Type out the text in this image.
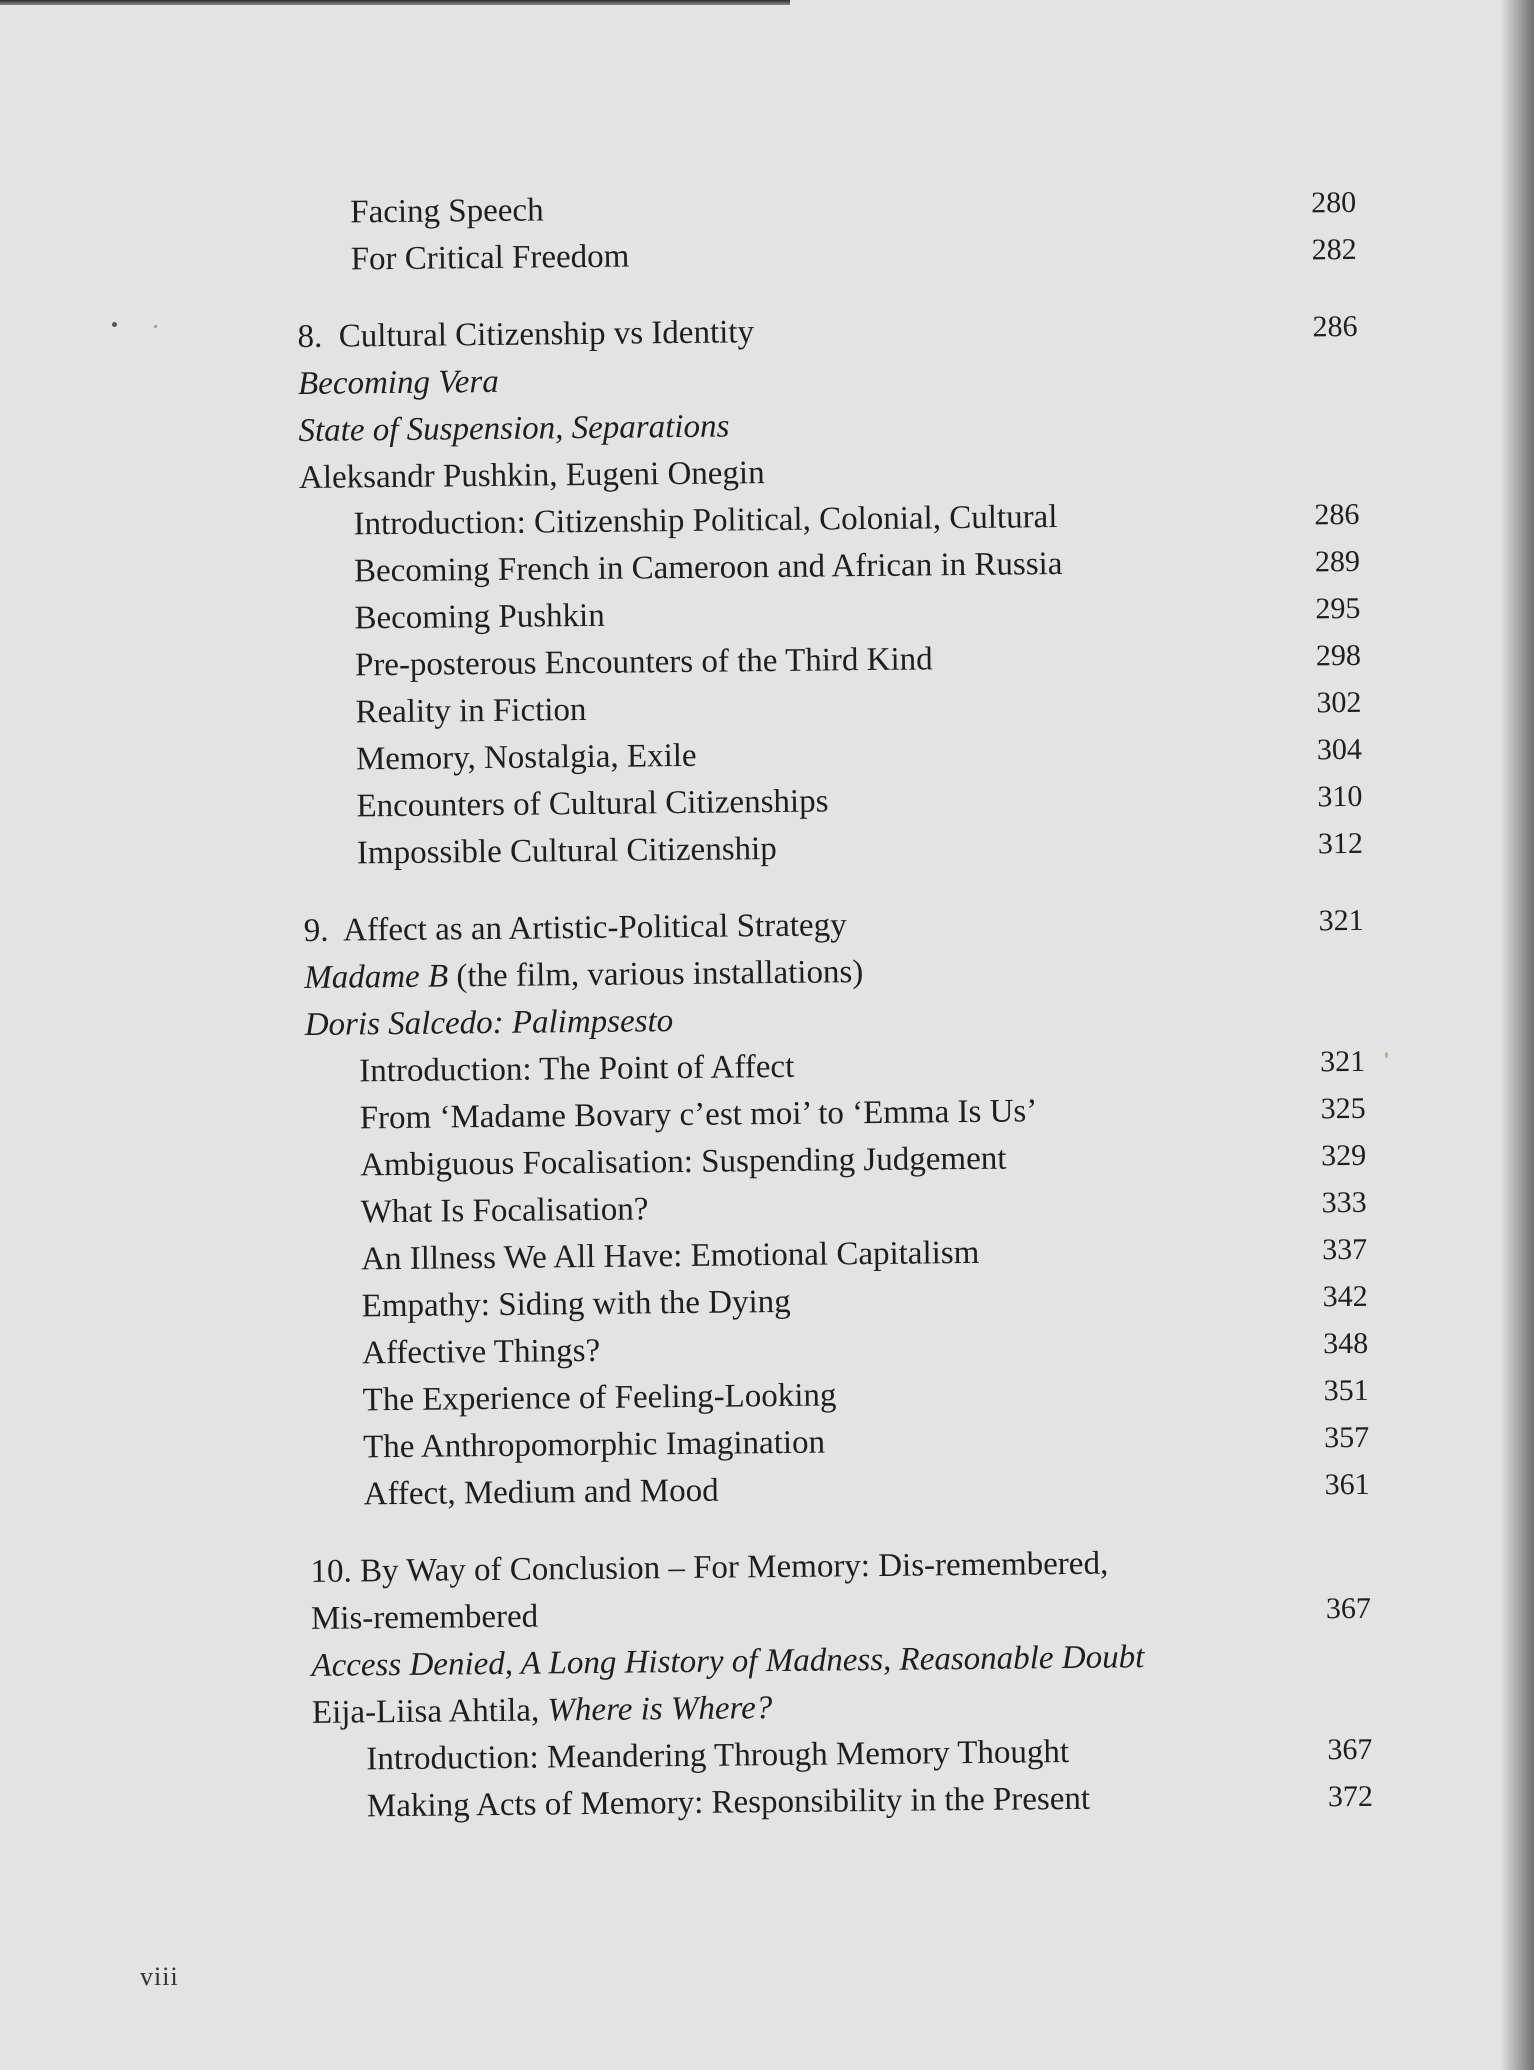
Facing Speech	280
For Critical Freedom	282
8.  Cultural Citizenship vs Identity	286
Becoming Vera
State of Suspension, Separations
Aleksandr Pushkin, Eugeni Onegin
Introduction: Citizenship Political, Colonial, Cultural	286
Becoming French in Cameroon and African in Russia	289
Becoming Pushkin	295
Pre-posterous Encounters of the Third Kind	298
Reality in Fiction	302
Memory, Nostalgia, Exile	304
Encounters of Cultural Citizenships	310
Impossible Cultural Citizenship	312
9.  Affect as an Artistic-Political Strategy	321
Madame B (the film, various installations)
Doris Salcedo: Palimpsesto
Introduction: The Point of Affect	321
From ‘Madame Bovary c’est moi’ to ‘Emma Is Us’	325
Ambiguous Focalisation: Suspending Judgement	329
What Is Focalisation?	333
An Illness We All Have: Emotional Capitalism	337
Empathy: Siding with the Dying	342
Affective Things?	348
The Experience of Feeling-Looking	351
The Anthropomorphic Imagination	357
Affect, Medium and Mood	361
10. By Way of Conclusion – For Memory: Dis-remembered,
Mis-remembered	367
Access Denied, A Long History of Madness, Reasonable Doubt
Eija-Liisa Ahtila, Where is Where?
Introduction: Meandering Through Memory Thought	367
Making Acts of Memory: Responsibility in the Present	372
viii
